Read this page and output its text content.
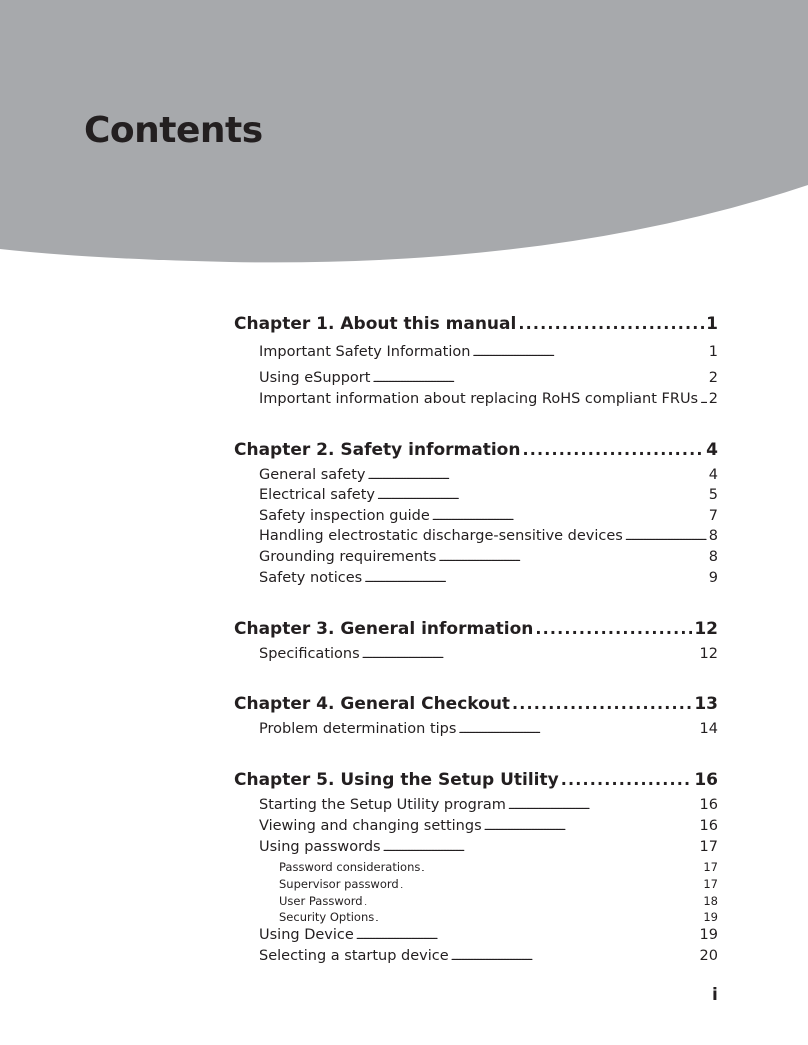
Contents
Chapter 1. About this manual . . .	1
Important Safety Information . . .	1
Using eSupport . . .	2
Important information about replacing RoHS compliant FRUs . . . 2
Chapter 2. Safety information . . .	4
General safety . . .	4
Electrical safety . . .	5
Safety inspection guide . . .	7
Handling electrostatic discharge-sensitive devices . . .	8
Grounding requirements . . .	8
Safety notices . . .	9
Chapter 3. General information . . .	12
Specifications . . .	12
Chapter 4. General Checkout . . .	13
Problem determination tips . . .	14
Chapter 5. Using the Setup Utility . . .	16
Starting the Setup Utility program . . .	16
Viewing and changing settings . . .	16
Using passwords . . .	17
Password considerations . . .	17
Supervisor password . . .	17
User Password . . .	18
Security Options . . .	19
Using Device . . .	19
Selecting a startup device . . .	20
i
